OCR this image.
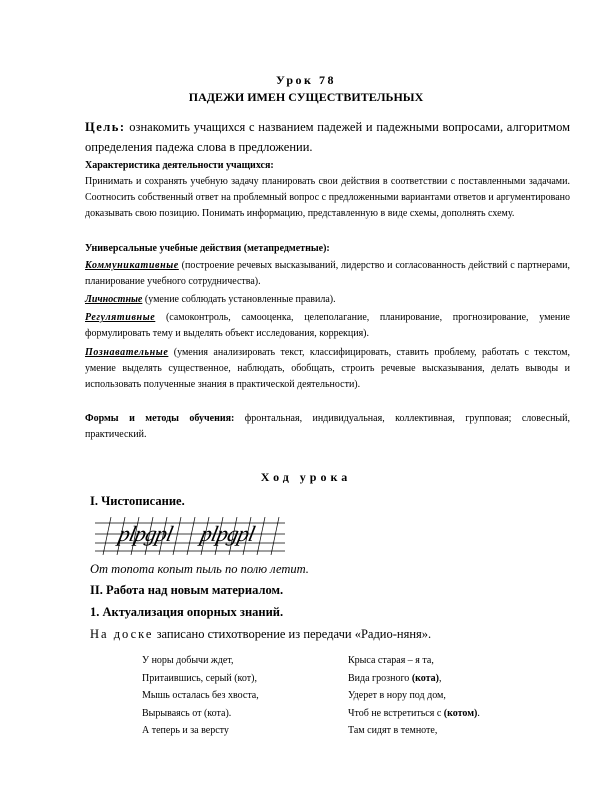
Урок 78
ПАДЕЖИ ИМЕН СУЩЕСТВИТЕЛЬНЫХ
Цель: ознакомить учащихся с названием падежей и падежными вопросами, алгоритмом определения падежа слова в предложении.
Характеристика деятельности учащихся:
Принимать и сохранять учебную задачу планировать свои действия в соответствии с поставленными задачами. Соотносить собственный ответ на проблемный вопрос с предложенными вариантами ответов и аргументировано доказывать свою позицию. Понимать информацию, представленную в виде схемы, дополнять схему.
Универсальные учебные действия (метапредметные):
Коммуникативные (построение речевых высказываний, лидерство и согласованность действий с партнерами, планирование учебного сотрудничества).
Личностные (умение соблюдать установленные правила).
Регулятивные (самоконтроль, самооценка, целеполагание, планирование, прогнозирование, умение формулировать тему и выделять объект исследования, коррекция).
Познавательные (умения анализировать текст, классифицировать, ставить проблему, работать с текстом, умение выделять существенное, наблюдать, обобщать, строить речевые высказывания, делать выводы и использовать полученные знания в практической деятельности).
Формы и методы обучения: фронтальная, индивидуальная, коллективная, групповая; словесный, практический.
Ход урока
I. Чистописание.
plpgpl plpgpl
От топота копыт пыль по полю летит.
II. Работа над новым материалом.
1. Актуализация опорных знаний.
На доске записано стихотворение из передачи «Радио-няня».
У норы добычи ждет,
Притаившись, серый (кот),
Мышь осталась без хвоста,
Вырываясь от (кота).
А теперь и за версту
Крыса старая – я та,
Вида грозного (кота),
Удерет в нору под дом,
Чтоб не встретиться с (котом).
Там сидят в темноте,
